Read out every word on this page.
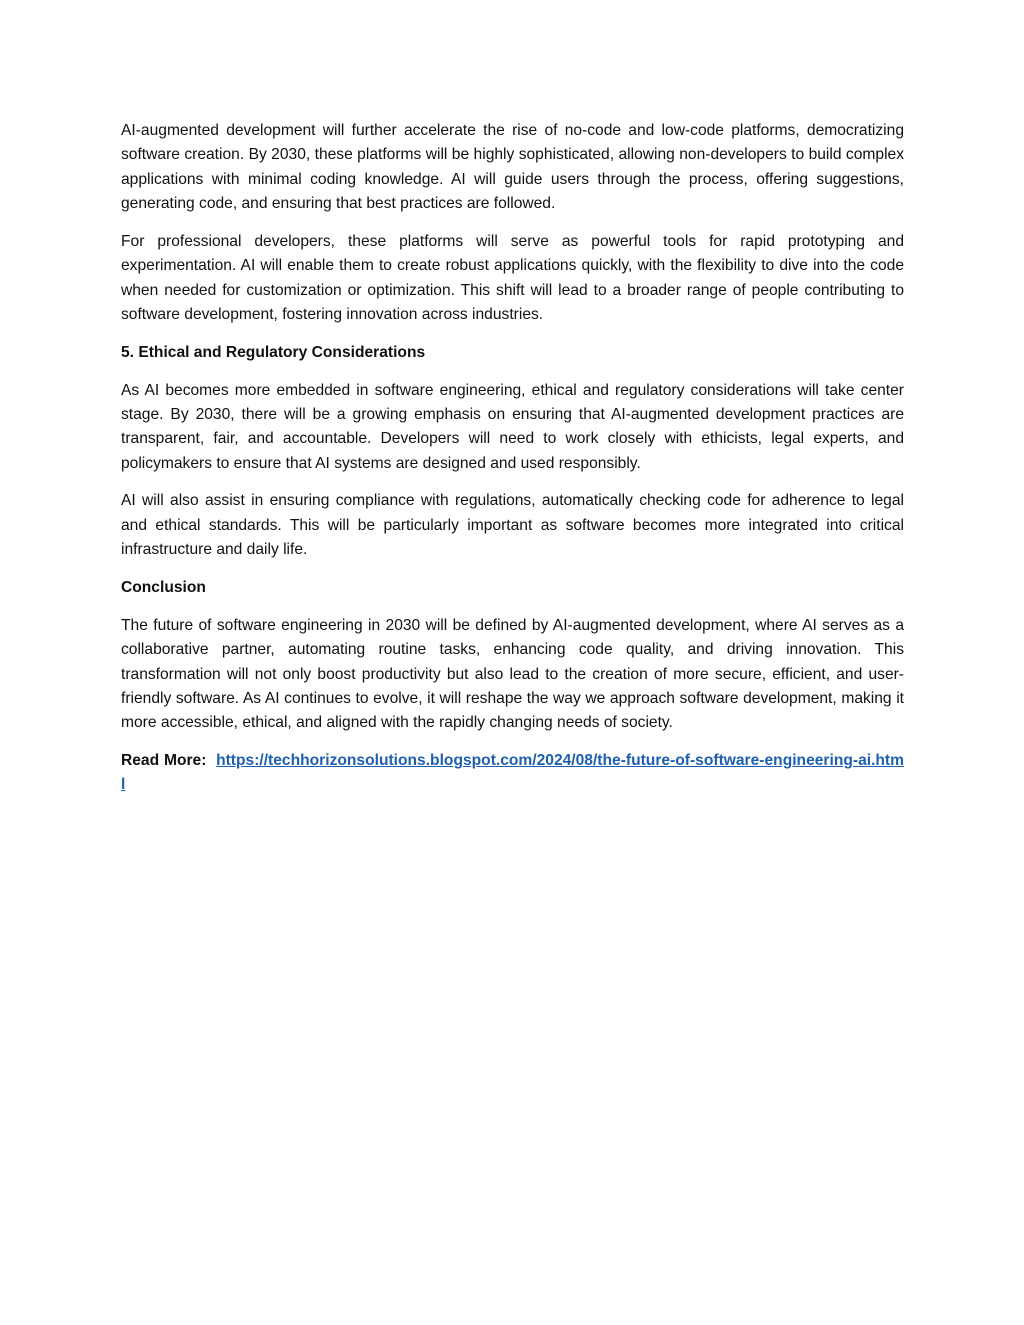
AI-augmented development will further accelerate the rise of no-code and low-code platforms, democratizing software creation. By 2030, these platforms will be highly sophisticated, allowing non-developers to build complex applications with minimal coding knowledge. AI will guide users through the process, offering suggestions, generating code, and ensuring that best practices are followed.

For professional developers, these platforms will serve as powerful tools for rapid prototyping and experimentation. AI will enable them to create robust applications quickly, with the flexibility to dive into the code when needed for customization or optimization. This shift will lead to a broader range of people contributing to software development, fostering innovation across industries.

5. Ethical and Regulatory Considerations

As AI becomes more embedded in software engineering, ethical and regulatory considerations will take center stage. By 2030, there will be a growing emphasis on ensuring that AI-augmented development practices are transparent, fair, and accountable. Developers will need to work closely with ethicists, legal experts, and policymakers to ensure that AI systems are designed and used responsibly.

AI will also assist in ensuring compliance with regulations, automatically checking code for adherence to legal and ethical standards. This will be particularly important as software becomes more integrated into critical infrastructure and daily life.

Conclusion

The future of software engineering in 2030 will be defined by AI-augmented development, where AI serves as a collaborative partner, automating routine tasks, enhancing code quality, and driving innovation. This transformation will not only boost productivity but also lead to the creation of more secure, efficient, and user-friendly software. As AI continues to evolve, it will reshape the way we approach software development, making it more accessible, ethical, and aligned with the rapidly changing needs of society.

Read More: https://techhorizonsolutions.blogspot.com/2024/08/the-future-of-software-engineering-ai.html
